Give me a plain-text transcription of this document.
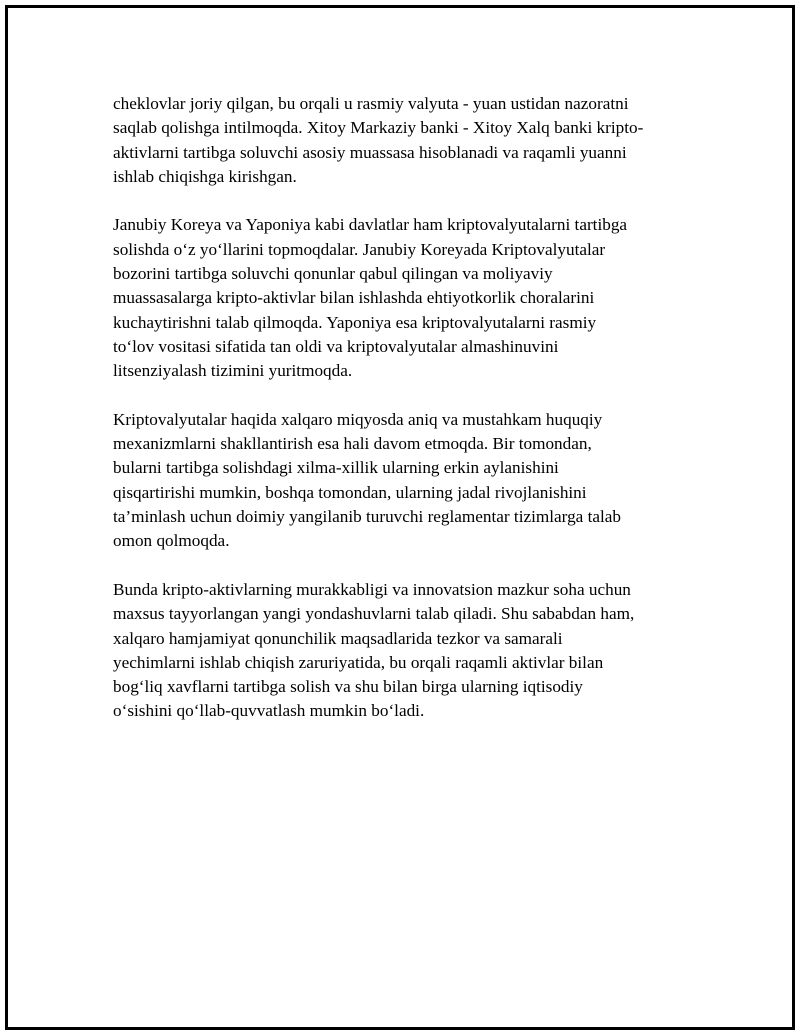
cheklovlar joriy qilgan, bu orqali u rasmiy valyuta - yuan ustidan nazoratni
saqlab qolishga intilmoqda. Xitoy Markaziy banki - Xitoy Xalq banki kripto-
aktivlarni tartibga soluvchi asosiy muassasa hisoblanadi va raqamli yuanni
ishlab chiqishga kirishgan.

Janubiy Koreya va Yaponiya kabi davlatlar ham kriptovalyutalarni tartibga
solishda o‘z yo‘llarini topmoqdalar. Janubiy Koreyada Kriptovalyutalar
bozorini tartibga soluvchi qonunlar qabul qilingan va moliyaviy
muassasalarga kripto-aktivlar bilan ishlashda ehtiyotkorlik choralarini
kuchaytirishni talab qilmoqda. Yaponiya esa kriptovalyutalarni rasmiy
to‘lov vositasi sifatida tan oldi va kriptovalyutalar almashinuvini
litsenziyalash tizimini yuritmoqda.

Kriptovalyutalar haqida xalqaro miqyosda aniq va mustahkam huquqiy
mexanizmlarni shakllantirish esa hali davom etmoqda. Bir tomondan,
bularni tartibga solishdagi xilma-xillik ularning erkin aylanishini
qisqartirishi mumkin, boshqa tomondan, ularning jadal rivojlanishini
ta’minlash uchun doimiy yangilanib turuvchi reglamentar tizimlarga talab
omon qolmoqda.

Bunda kripto-aktivlarning murakkabligi va innovatsion mazkur soha uchun
maxsus tayyorlangan yangi yondashuvlarni talab qiladi. Shu sababdan ham,
xalqaro hamjamiyat qonunchilik maqsadlarida tezkor va samarali
yechimlarni ishlab chiqish zaruriyatida, bu orqali raqamli aktivlar bilan
bog‘liq xavflarni tartibga solish va shu bilan birga ularning iqtisodiy
o‘sishini qo‘llab-quvvatlash mumkin bo‘ladi.
